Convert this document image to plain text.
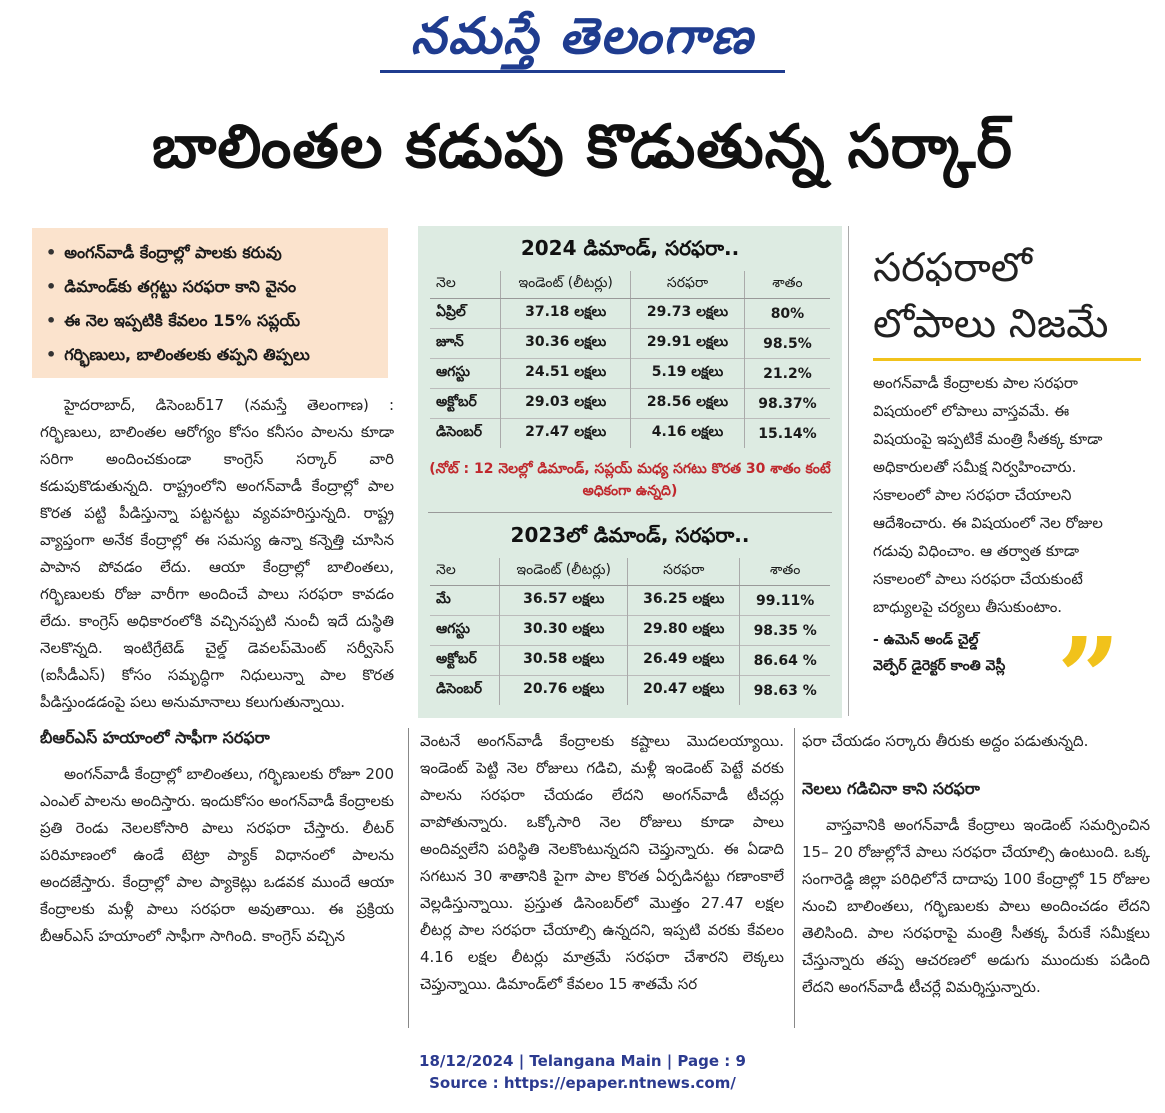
నమస్తే తెలంగాణ
బాలింతల కడుపు కొడుతున్న సర్కార్
• అంగన్‌వాడీ కేంద్రాల్లో పాలకు కరువు
• డిమాండ్‌కు తగ్గట్టు సరఫరా కాని వైనం
• ఈ నెల ఇప్పటికి కేవలం 15% సప్లయ్
• గర్భిణులు, బాలింతలకు తప్పని తిప్పలు

హైదరాబాద్, డిసెంబర్17 (నమస్తే తెలంగాణ) : గర్భిణులు, బాలింతల ఆరోగ్యం కోసం కనీసం పాలను కూడా సరిగా అందించకుండా కాంగ్రెస్ సర్కార్ వారి కడుపుకొడుతున్నది. రాష్ట్రంలోని అంగన్‌వాడీ కేంద్రాల్లో పాల కొరత పట్టి పీడిస్తున్నా పట్టనట్టు వ్యవహరిస్తున్నది. రాష్ట్ర వ్యాప్తంగా అనేక కేంద్రాల్లో ఈ సమస్య ఉన్నా కన్నెత్తి చూసిన పాపాన పోవడం లేదు. ఆయా కేంద్రాల్లో బాలింతలు, గర్భిణులకు రోజు వారీగా అందించే పాలు సరఫరా కావడం లేదు. కాంగ్రెస్ అధికారంలోకి వచ్చినప్పటి నుంచీ ఇదే దుస్థితి నెలకొన్నది. ఇంటిగ్రేటెడ్ చైల్డ్ డెవలప్‌మెంట్ సర్వీసెస్ (ఐసీడీఎస్) కోసం సమృద్ధిగా నిధులున్నా పాల కొరత పీడిస్తుండడంపై పలు అనుమానాలు కలుగుతున్నాయి.

బీఆర్‌ఎస్ హయాంలో సాఫీగా సరఫరా

అంగన్‌వాడీ కేంద్రాల్లో బాలింతలు, గర్భిణులకు రోజూ 200 ఎంఎల్ పాలను అందిస్తారు. ఇందుకోసం అంగన్‌వాడీ కేంద్రాలకు ప్రతి రెండు నెలలకోసారి పాలు సరఫరా చేస్తారు. లీటర్ పరిమాణంలో ఉండే టెట్రా ప్యాక్ విధానంలో పాలను అందజేస్తారు. కేంద్రాల్లో పాల ప్యాకెట్లు ఒడవక ముందే ఆయా కేంద్రాలకు మళ్లీ పాలు సరఫరా అవుతాయి. ఈ ప్రక్రియ బీఆర్‌ఎస్ హయాంలో సాఫీగా సాగింది. కాంగ్రెస్ వచ్చిన

2024 డిమాండ్, సరఫరా..
నెల	ఇండెంట్ (లీటర్లు)	సరఫరా	శాతం
ఏప్రిల్	37.18 లక్షలు	29.73 లక్షలు	80%
జూన్	30.36 లక్షలు	29.91 లక్షలు	98.5%
ఆగస్టు	24.51 లక్షలు	5.19 లక్షలు	21.2%
అక్టోబర్	29.03 లక్షలు	28.56 లక్షలు	98.37%
డిసెంబర్	27.47 లక్షలు	4.16 లక్షలు	15.14%
(నోట్ : 12 నెలల్లో డిమాండ్, సప్లయ్ మధ్య సగటు కొరత 30 శాతం కంటే అధికంగా ఉన్నది)
2023లో డిమాండ్, సరఫరా..
నెల	ఇండెంట్ (లీటర్లు)	సరఫరా	శాతం
మే	36.57 లక్షలు	36.25 లక్షలు	99.11%
ఆగస్టు	30.30 లక్షలు	29.80 లక్షలు	98.35 %
అక్టోబర్	30.58 లక్షలు	26.49 లక్షలు	86.64 %
డిసెంబర్	20.76 లక్షలు	20.47 లక్షలు	98.63 %
సరఫరాలో
లోపాలు నిజమే
అంగన్‌వాడీ కేంద్రాలకు పాల సరఫరా విషయంలో లోపాలు వాస్తవమే. ఈ విషయంపై ఇప్పటికే మంత్రి సీతక్క కూడా అధికారులతో సమీక్ష నిర్వహించారు. సకాలంలో పాల సరఫరా చేయాలని ఆదేశించారు. ఈ విషయంలో నెల రోజుల గడువు విధించాం. ఆ తర్వాత కూడా సకాలంలో పాలు సరఫరా చేయకుంటే బాధ్యులపై చర్యలు తీసుకుంటాం.
- ఉమెన్ అండ్ చైల్డ్
వెల్ఫేర్ డైరెక్టర్ కాంతి వెస్లీ ”

వెంటనే అంగన్‌వాడీ కేంద్రాలకు కష్టాలు మొదలయ్యాయి. ఇండెంట్ పెట్టి నెల రోజులు గడిచి, మళ్లీ ఇండెంట్ పెట్టే వరకు పాలను సరఫరా చేయడం లేదని అంగన్‌వాడీ టీచర్లు వాపోతున్నారు. ఒక్కోసారి నెల రోజులు కూడా పాలు అందివ్వలేని పరిస్థితి నెలకొంటున్నదని చెప్తున్నారు. ఈ ఏడాది సగటున 30 శాతానికి పైగా పాల కొరత ఏర్పడినట్టు గణాంకాలే వెల్లడిస్తున్నాయి. ప్రస్తుత డిసెంబర్‌లో మొత్తం 27.47 లక్షల లీటర్ల పాల సరఫరా చేయాల్సి ఉన్నదని, ఇప్పటి వరకు కేవలం 4.16 లక్షల లీటర్లు మాత్రమే సరఫరా చేశారని లెక్కలు చెప్తున్నాయి. డిమాండ్‌లో కేవలం 15 శాతమే సర

ఫరా చేయడం సర్కారు తీరుకు అద్దం పడుతున్నది.

నెలలు గడిచినా కాని సరఫరా

వాస్తవానికి అంగన్‌వాడీ కేంద్రాలు ఇండెంట్ సమర్పించిన 15– 20 రోజుల్లోనే పాలు సరఫరా చేయాల్సి ఉంటుంది. ఒక్క సంగారెడ్డి జిల్లా పరిధిలోనే దాదాపు 100 కేంద్రాల్లో 15 రోజుల నుంచి బాలింతలు, గర్భిణులకు పాలు అందించడం లేదని తెలిసింది. పాల సరఫరాపై మంత్రి సీతక్క పేరుకే సమీక్షలు చేస్తున్నారు తప్ప ఆచరణలో అడుగు ముందుకు పడింది లేదని అంగన్‌వాడీ టీచర్లే విమర్శిస్తున్నారు.

18/12/2024 | Telangana Main | Page : 9
Source : https://epaper.ntnews.com/
